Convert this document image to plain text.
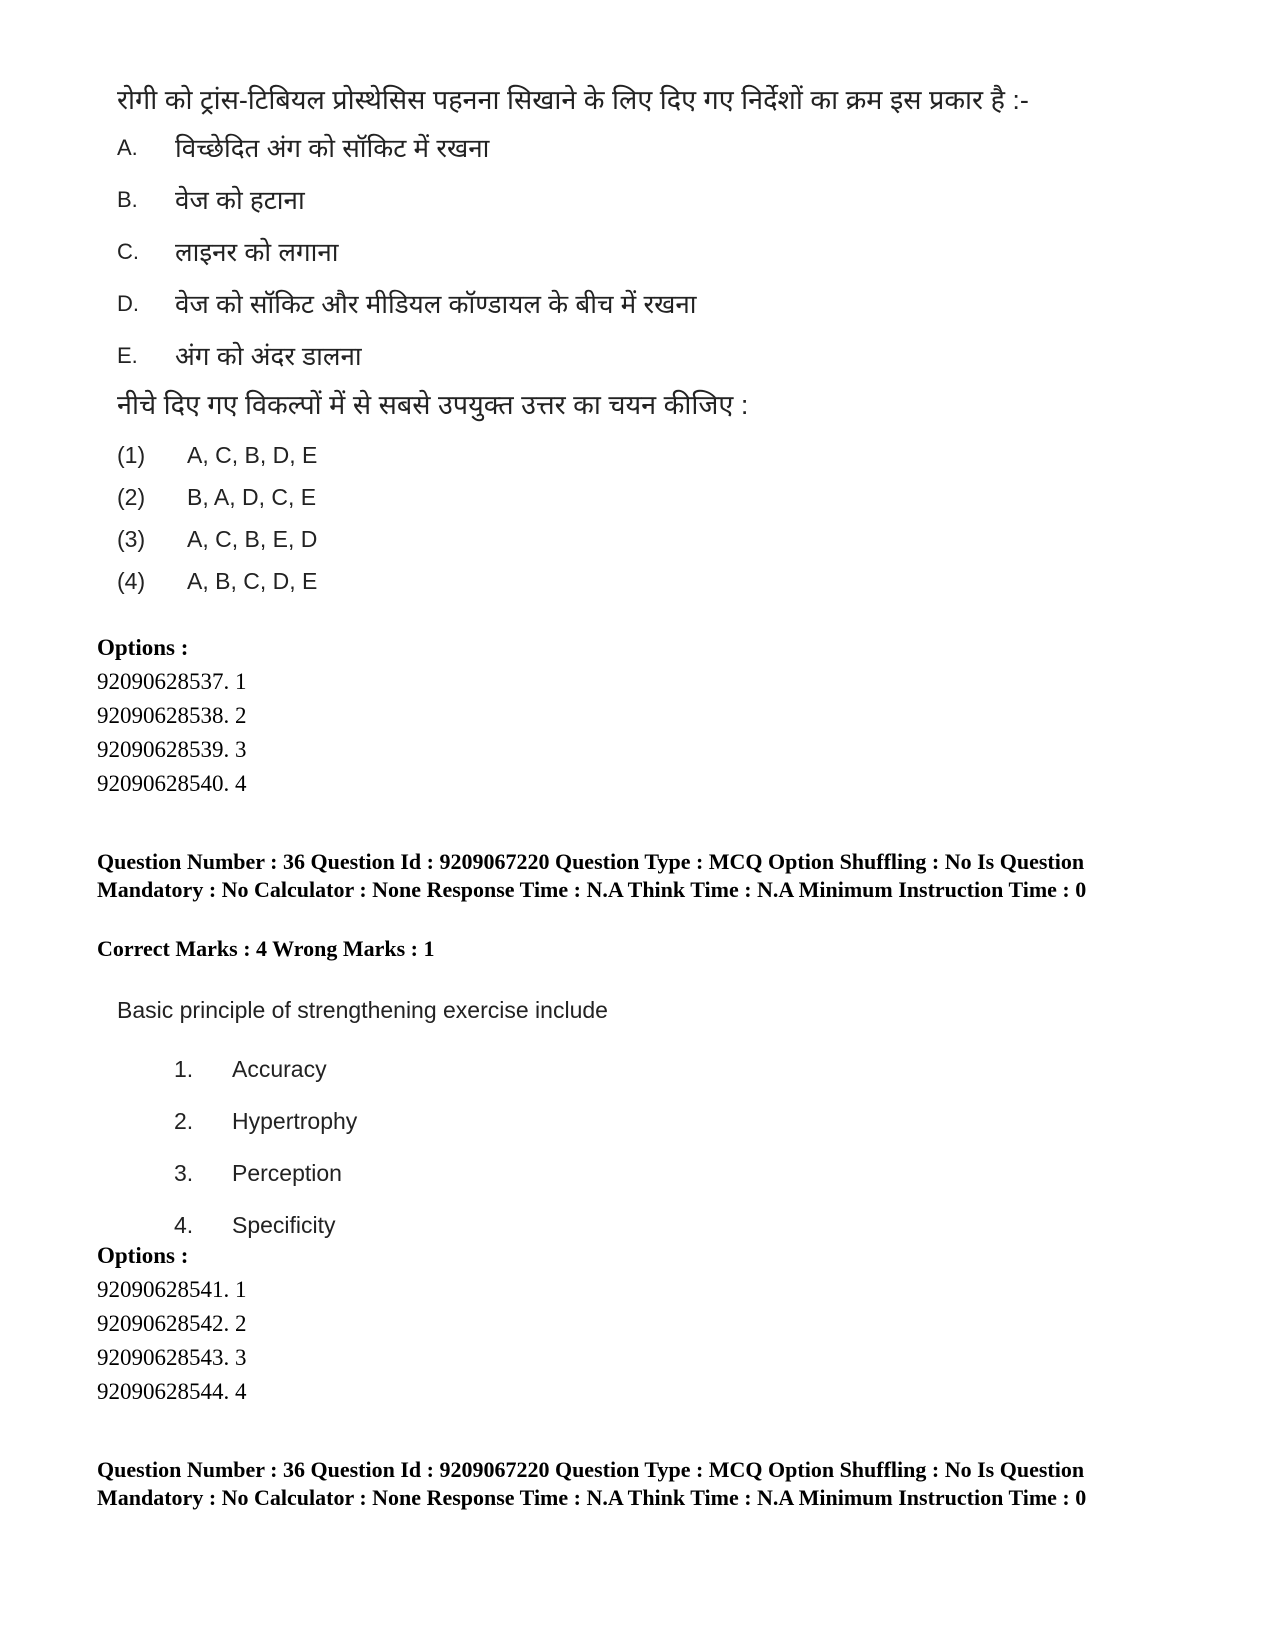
रोगी को ट्रांस-टिबियल प्रोस्थेसिस पहनना सिखाने के लिए दिए गए निर्देशों का क्रम इस प्रकार है :-
A.	विच्छेदित अंग को सॉकिट में रखना
B.	वेज को हटाना
C.	लाइनर को लगाना
D.	वेज को सॉकिट और मीडियल कॉण्डायल के बीच में रखना
E.	अंग को अंदर डालना
नीचे दिए गए विकल्पों में से सबसे उपयुक्त उत्तर का चयन कीजिए :
(1)	A, C, B, D, E
(2)	B, A, D, C, E
(3)	A, C, B, E, D
(4)	A, B, C, D, E
Options :
92090628537. 1
92090628538. 2
92090628539. 3
92090628540. 4
Question Number : 36 Question Id : 9209067220 Question Type : MCQ Option Shuffling : No Is Question Mandatory : No Calculator : None Response Time : N.A Think Time : N.A Minimum Instruction Time : 0
Correct Marks : 4 Wrong Marks : 1
Basic principle of strengthening exercise include
1.	Accuracy
2.	Hypertrophy
3.	Perception
4.	Specificity
Options :
92090628541. 1
92090628542. 2
92090628543. 3
92090628544. 4
Question Number : 36 Question Id : 9209067220 Question Type : MCQ Option Shuffling : No Is Question Mandatory : No Calculator : None Response Time : N.A Think Time : N.A Minimum Instruction Time : 0
